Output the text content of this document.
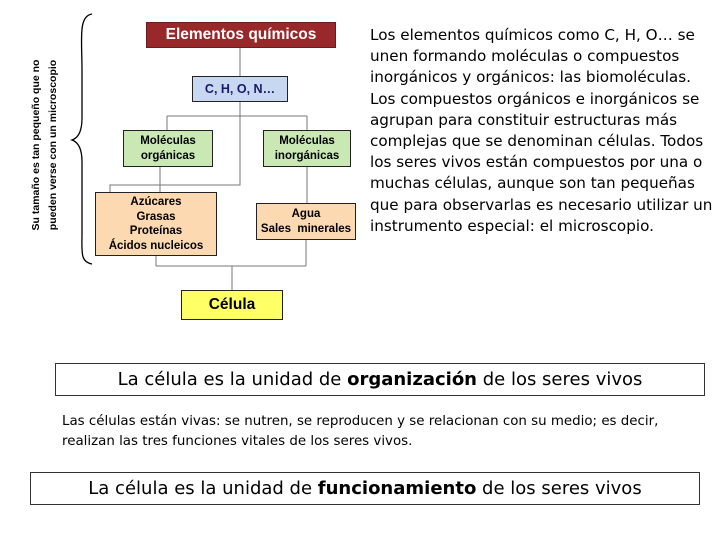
Su tamaño es tan pequeño que no pueden verse con un microscopio
Elementos químicos
C, H, O, N…
Moléculas
orgánicas
Moléculas
inorgánicas
Azúcares
Grasas
Proteínas
Ácidos nucleicos
Agua
Sales  minerales
Célula

Los elementos químicos como C, H, O… se unen formando moléculas o compuestos inorgánicos y orgánicos: las biomoléculas.

Los compuestos orgánicos e inorgánicos se agrupan para constituir estructuras más complejas que se denominan células. Todos los seres vivos están compuestos por una o muchas células, aunque son tan pequeñas que para observarlas es necesario utilizar un instrumento especial: el microscopio.

La célula es la unidad de organización de los seres vivos

Las células están vivas: se nutren, se reproducen y se relacionan con su medio; es decir, realizan las tres funciones vitales de los seres vivos.

La célula es la unidad de funcionamiento de los seres vivos
